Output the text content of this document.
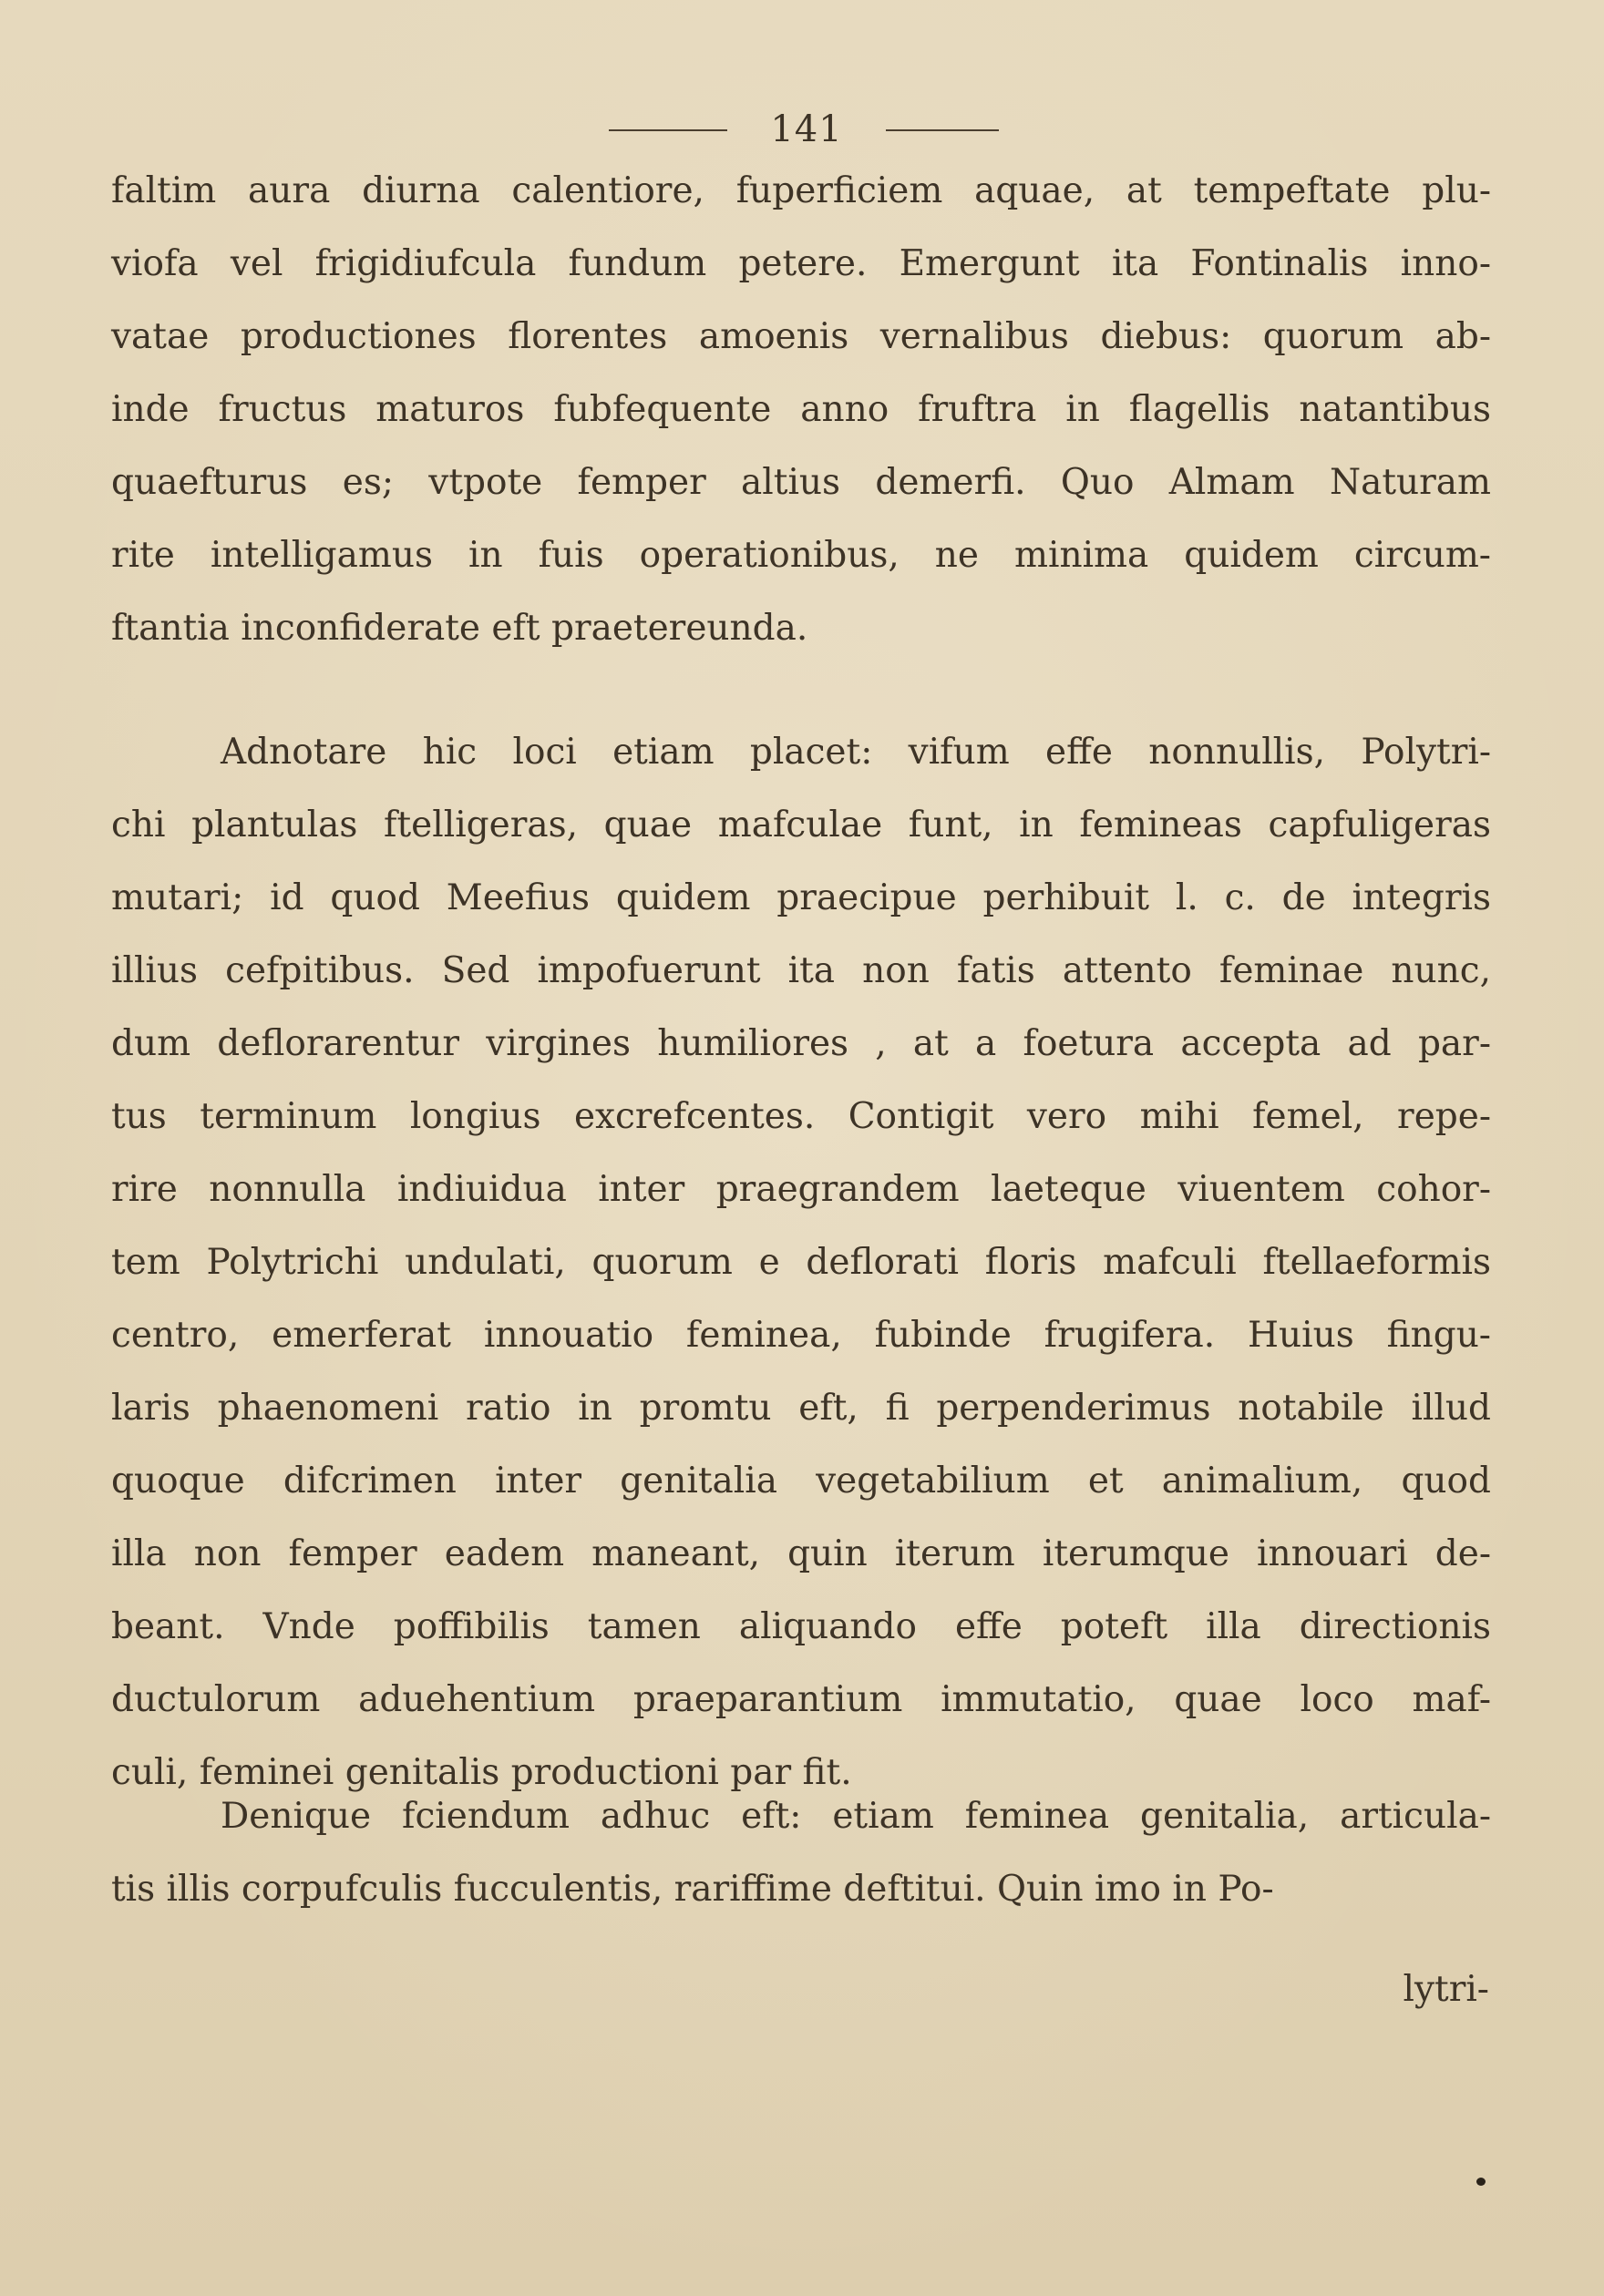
141
faltim aura diurna calentiore, fuperficiem aquae, at tempeftate plu-
viofa vel frigidiufcula fundum petere. Emergunt ita Fontinalis inno-
vatae productiones florentes amoenis vernalibus diebus: quorum ab-
inde fructus maturos fubfequente anno fruftra in flagellis natantibus
quaefturus es; vtpote femper altius demerfi. Quo Almam Naturam
rite intelligamus in fuis operationibus, ne minima quidem circum-
ftantia inconfiderate eft praetereunda.
Adnotare hic loci etiam placet: vifum effe nonnullis, Polytri-
chi plantulas ftelligeras, quae mafculae funt, in femineas capfuligeras
mutari; id quod Meefius quidem praecipue perhibuit l. c. de integris
illius cefpitibus. Sed impofuerunt ita non fatis attento feminae nunc,
dum deflorarentur virgines humiliores , at a foetura accepta ad par-
tus terminum longius excrefcentes. Contigit vero mihi femel, repe-
rire nonnulla indiuidua inter praegrandem laeteque viuentem cohor-
tem Polytrichi undulati, quorum e deflorati floris mafculi ftellaeformis
centro, emerferat innouatio feminea, fubinde frugifera. Huius fingu-
laris phaenomeni ratio in promtu eft, fi perpenderimus notabile illud
quoque difcrimen inter genitalia vegetabilium et animalium, quod
illa non femper eadem maneant, quin iterum iterumque innouari de-
beant. Vnde poffibilis tamen aliquando effe poteft illa directionis
ductulorum aduehentium praeparantium immutatio, quae loco maf-
culi, feminei genitalis productioni par fit.
Denique fciendum adhuc eft: etiam feminea genitalia, articula-
tis illis corpufculis fucculentis, rariffime deftitui. Quin imo in Po-
lytri-
